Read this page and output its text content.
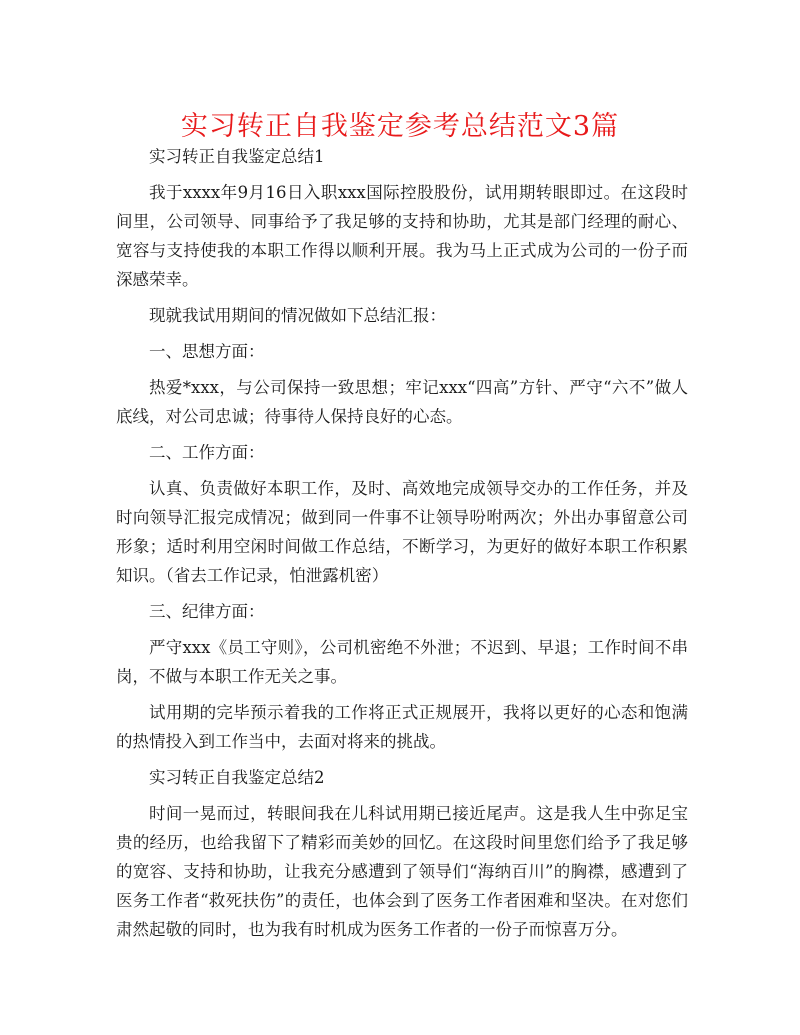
实习转正自我鉴定参考总结范文3篇

实习转正自我鉴定总结1

我于xxxx年9月16日入职xxx国际控股股份，试用期转眼即过。在这段时间里，公司领导、同事给予了我足够的支持和协助，尤其是部门经理的耐心、宽容与支持使我的本职工作得以顺利开展。我为马上正式成为公司的一份子而深感荣幸。

现就我试用期间的情况做如下总结汇报：

一、思想方面：

热爱*xxx，与公司保持一致思想；牢记xxx“四高”方针、严守“六不”做人底线，对公司忠诚；待事待人保持良好的心态。

二、工作方面：

认真、负责做好本职工作，及时、高效地完成领导交办的工作任务，并及时向领导汇报完成情况；做到同一件事不让领导吩咐两次；外出办事留意公司形象；适时利用空闲时间做工作总结，不断学习，为更好的做好本职工作积累知识。（省去工作记录，怕泄露机密）

三、纪律方面：

严守xxx《员工守则》，公司机密绝不外泄；不迟到、早退；工作时间不串岗，不做与本职工作无关之事。

试用期的完毕预示着我的工作将正式正规展开，我将以更好的心态和饱满的热情投入到工作当中，去面对将来的挑战。

实习转正自我鉴定总结2

时间一晃而过，转眼间我在儿科试用期已接近尾声。这是我人生中弥足宝贵的经历，也给我留下了精彩而美妙的回忆。在这段时间里您们给予了我足够的宽容、支持和协助，让我充分感遭到了领导们“海纳百川”的胸襟，感遭到了医务工作者“救死扶伤”的责任，也体会到了医务工作者困难和坚决。在对您们肃然起敬的同时，也为我有时机成为医务工作者的一份子而惊喜万分。
